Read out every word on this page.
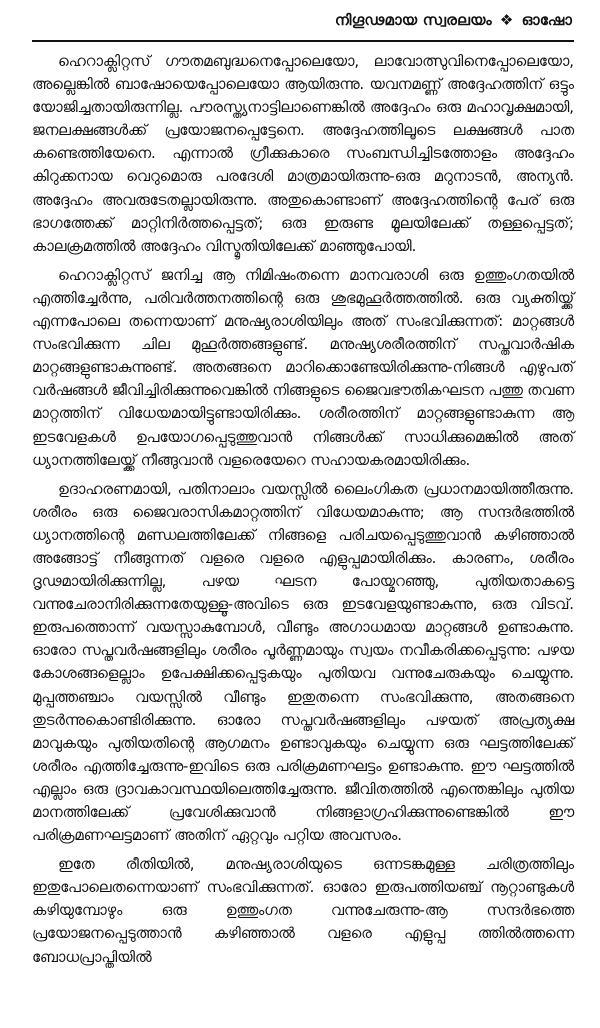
നിഗൂഢമായ സ്വരലയം ❖ ഓഷോ

ഹെറാക്ലിറ്റസ് ഗൗതമബുദ്ധനെപ്പോലെയോ, ലാവോത്സുവിനെപ്പോലെയോ, അല്ലെങ്കിൽ ബാഷോയെപ്പോലെയോ ആയിരുന്നു. യവനമണ്ണ് അദ്ദേഹത്തിന് ഒട്ടും യോജിച്ചതായിരുന്നില്ല. പൗരസ്ത്യനാട്ടിലാണെങ്കിൽ അദ്ദേഹം ഒരു മഹാവൃക്ഷമായി, ജനലക്ഷങ്ങൾക്ക് പ്രയോജനപ്പെട്ടേനെ. അദ്ദേഹത്തിലൂടെ ലക്ഷങ്ങൾ പാത കണ്ടെത്തിയേനെ. എന്നാൽ ഗ്രീക്കുകാരെ സംബന്ധിച്ചിടത്തോളം അദ്ദേഹം കിറുക്കനായ വെറുമൊരു പരദേശി മാത്രമായിരുന്നു-ഒരു മറുനാടൻ, അന്യൻ. അദ്ദേഹം അവരുടേതല്ലായിരുന്നു. അതുകൊണ്ടാണ് അദ്ദേഹത്തിന്റെ പേര് ഒരു ഭാഗത്തേക്ക് മാറ്റിനിർത്തപ്പെട്ടത്; ഒരു ഇരുണ്ട മൂലയിലേക്ക് തള്ളപ്പെട്ടത്; കാലക്രമത്തിൽ അദ്ദേഹം വിസ്മൃതിയിലേക്ക് മാഞ്ഞുപോയി.

ഹെറാക്ലിറ്റസ് ജനിച്ച ആ നിമിഷംതന്നെ മാനവരാശി ഒരു ഉത്തുംഗതയിൽ എത്തിച്ചേർന്നു, പരിവർത്തനത്തിന്റെ ഒരു ശുഭമുഹൂർത്തത്തിൽ. ഒരു വ്യക്തിയ്ക്ക് എന്നപോലെ തന്നെയാണ് മനുഷ്യരാശിയിലും അത് സംഭവിക്കുന്നത്: മാറ്റങ്ങൾ സംഭവിക്കുന്ന ചില മുഹൂർത്തങ്ങളുണ്ട്. മനുഷ്യശരീരത്തിന് സപ്തവാർഷിക മാറ്റങ്ങളുണ്ടാകുന്നുണ്ട്. അതങ്ങനെ മാറിക്കൊണ്ടേയിരിക്കുന്നു-നിങ്ങൾ എഴുപത് വർഷങ്ങൾ ജീവിച്ചിരിക്കുന്നുവെങ്കിൽ നിങ്ങളുടെ ജൈവഭൗതികഘടന പത്തു തവണ മാറ്റത്തിന് വിധേയമായിട്ടുണ്ടായിരിക്കും. ശരീരത്തിന് മാറ്റങ്ങളുണ്ടാകുന്ന ആ ഇടവേളകൾ ഉപയോഗപ്പെടുത്തുവാൻ നിങ്ങൾക്ക് സാധിക്കുമെങ്കിൽ അത് ധ്യാനത്തിലേയ്ക്ക് നീങ്ങുവാൻ വളരെയേറെ സഹായകരമായിരിക്കും.

ഉദാഹരണമായി, പതിനാലാം വയസ്സിൽ ലൈംഗികത പ്രധാനമായിത്തീരുന്നു. ശരീരം ഒരു ജൈവരാസികമാറ്റത്തിന് വിധേയമാകുന്നു; ആ സന്ദർഭത്തിൽ ധ്യാനത്തിന്റെ മണ്ഡലത്തിലേക്ക് നിങ്ങളെ പരിചയപ്പെടുത്തുവാൻ കഴിഞ്ഞാൽ അങ്ങോട്ട് നീങ്ങുന്നത് വളരെ വളരെ എളുപ്പമായിരിക്കും. കാരണം, ശരീരം ദൃഢമായിരിക്കുന്നില്ല, പഴയ ഘടന പോയ്മറഞ്ഞു, പുതിയതാകട്ടെ വന്നുചേരാനിരിക്കുന്നതേയുള്ളൂ-അവിടെ ഒരു ഇടവേളയുണ്ടാകുന്നു, ഒരു വിടവ്. ഇരുപത്തൊന്ന് വയസ്സാകുമ്പോൾ, വീണ്ടും അഗാധമായ മാറ്റങ്ങൾ ഉണ്ടാകുന്നു. ഓരോ സപ്തവർഷങ്ങളിലും ശരീരം പൂർണ്ണമായും സ്വയം നവീകരിക്കപ്പെടുന്നു: പഴയ കോശങ്ങളെല്ലാം ഉപേക്ഷിക്കപ്പെടുകയും പുതിയവ വന്നുചേരുകയും ചെയ്യുന്നു. മുപ്പത്തഞ്ചാം വയസ്സിൽ വീണ്ടും ഇതുതന്നെ സംഭവിക്കുന്നു, അതങ്ങനെ തുടർന്നുകൊണ്ടിരിക്കുന്നു. ഓരോ സപ്തവർഷങ്ങളിലും പഴയത് അപ്രത്യക്ഷ മാവുകയും പുതിയതിന്റെ ആഗമനം ഉണ്ടാവുകയും ചെയ്യുന്ന ഒരു ഘട്ടത്തിലേക്ക് ശരീരം എത്തിച്ചേരുന്നു-ഇവിടെ ഒരു പരിക്രമണഘട്ടം ഉണ്ടാകുന്നു. ഈ ഘട്ടത്തിൽ എല്ലാം ഒരു ദ്രാവകാവസ്ഥയിലെത്തിച്ചേരുന്നു. ജീവിതത്തിൽ എന്തെങ്കിലും പുതിയ മാനത്തിലേക്ക് പ്രവേശിക്കുവാൻ നിങ്ങളാഗ്രഹിക്കുന്നുണ്ടെങ്കിൽ ഈ പരിക്രമണഘട്ടമാണ് അതിന് ഏറ്റവും പറ്റിയ അവസരം.

ഇതേ രീതിയിൽ, മനുഷ്യരാശിയുടെ ഒന്നടങ്കമുള്ള ചരിത്രത്തിലും ഇതുപോലെതന്നെയാണ് സംഭവിക്കുന്നത്. ഓരോ ഇരുപത്തിയഞ്ച് നൂറ്റാണ്ടുകൾ കഴിയുമ്പോഴും ഒരു ഉത്തുംഗത വന്നുചേരുന്നു-ആ സന്ദർഭത്തെ പ്രയോജനപ്പെടുത്താൻ കഴിഞ്ഞാൽ വളരെ എളുപ്പ ത്തിൽത്തന്നെ ബോധപ്രാപ്തിയിൽ
